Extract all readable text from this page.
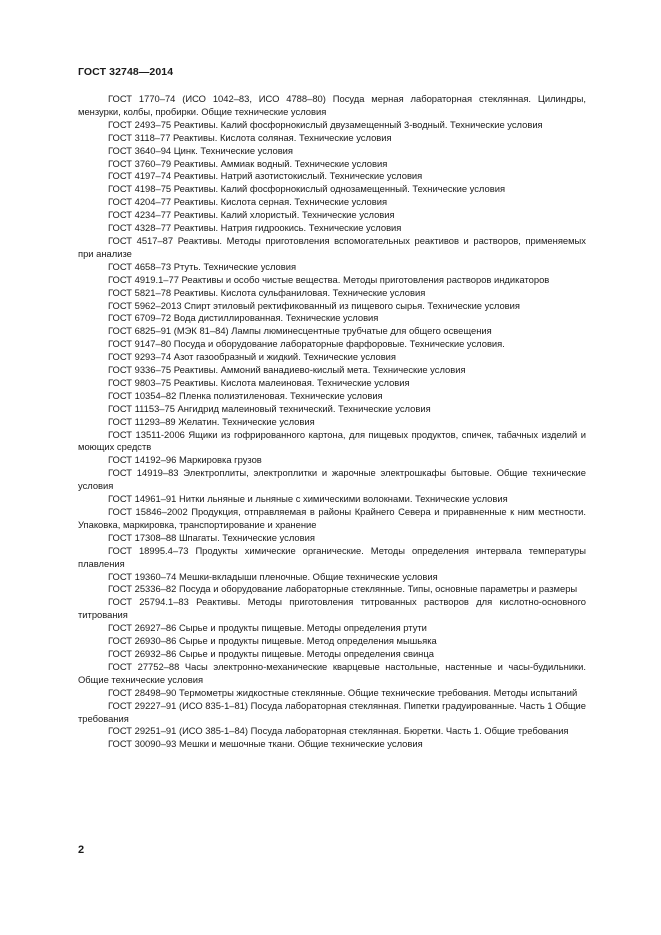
ГОСТ 32748—2014

ГОСТ 1770–74 (ИСО 1042–83, ИСО 4788–80) Посуда мерная лабораторная стеклянная. Цилиндры, мензурки, колбы, пробирки. Общие технические условия

ГОСТ 2493–75 Реактивы. Калий фосфорнокислый двузамещенный 3-водный. Технические условия

ГОСТ 3118–77 Реактивы. Кислота соляная. Технические условия

ГОСТ 3640–94 Цинк. Технические условия

ГОСТ 3760–79 Реактивы. Аммиак водный. Технические условия

ГОСТ 4197–74 Реактивы. Натрий азотистокислый. Технические условия

ГОСТ 4198–75 Реактивы. Калий фосфорнокислый однозамещенный. Технические условия

ГОСТ 4204–77 Реактивы. Кислота серная. Технические условия

ГОСТ 4234–77 Реактивы. Калий хлористый. Технические условия

ГОСТ 4328–77 Реактивы. Натрия гидроокись. Технические условия

ГОСТ 4517–87 Реактивы. Методы приготовления вспомогательных реактивов и растворов, применяемых при анализе

ГОСТ 4658–73 Ртуть. Технические условия

ГОСТ 4919.1–77 Реактивы и особо чистые вещества. Методы приготовления растворов индикаторов

ГОСТ 5821–78 Реактивы. Кислота сульфаниловая. Технические условия

ГОСТ 5962–2013 Спирт этиловый ректификованный из пищевого сырья. Технические условия

ГОСТ 6709–72 Вода дистиллированная. Технические условия

ГОСТ 6825–91 (МЭК 81–84) Лампы люминесцентные трубчатые для общего освещения

ГОСТ 9147–80 Посуда и оборудование лабораторные фарфоровые. Технические условия.

ГОСТ 9293–74 Азот газообразный и жидкий. Технические условия

ГОСТ 9336–75 Реактивы. Аммоний ванадиево-кислый мета. Технические условия

ГОСТ 9803–75 Реактивы. Кислота малеиновая. Технические условия

ГОСТ 10354–82 Пленка полиэтиленовая. Технические условия

ГОСТ 11153–75 Ангидрид малеиновый технический. Технические условия

ГОСТ 11293–89 Желатин. Технические условия

ГОСТ 13511-2006 Ящики из гофрированного картона, для пищевых продуктов, спичек, табачных изделий и моющих средств

ГОСТ 14192–96 Маркировка грузов

ГОСТ 14919–83 Электроплиты, электроплитки и жарочные электрошкафы бытовые. Общие технические условия

ГОСТ 14961–91 Нитки льняные и льняные с химическими волокнами. Технические условия

ГОСТ 15846–2002 Продукция, отправляемая в районы Крайнего Севера и приравненные к ним местности. Упаковка, маркировка, транспортирование и хранение

ГОСТ 17308–88 Шпагаты. Технические условия

ГОСТ 18995.4–73 Продукты химические органические. Методы определения интервала температуры плавления

ГОСТ 19360–74 Мешки-вкладыши пленочные. Общие технические условия

ГОСТ 25336–82 Посуда и оборудование лабораторные стеклянные. Типы, основные параметры и размеры

ГОСТ 25794.1–83 Реактивы. Методы приготовления титрованных растворов для кислотно-основного титрования

ГОСТ 26927–86 Сырье и продукты пищевые. Методы определения ртути

ГОСТ 26930–86 Сырье и продукты пищевые. Метод определения мышьяка

ГОСТ 26932–86 Сырье и продукты пищевые. Методы определения свинца

ГОСТ 27752–88 Часы электронно-механические кварцевые настольные, настенные и часы-будильники. Общие технические условия

ГОСТ 28498–90 Термометры жидкостные стеклянные. Общие технические требования. Методы испытаний

ГОСТ 29227–91 (ИСО 835-1–81) Посуда лабораторная стеклянная. Пипетки градуированные. Часть 1 Общие требования

ГОСТ 29251–91 (ИСО 385-1–84) Посуда лабораторная стеклянная. Бюретки. Часть 1. Общие требования

ГОСТ 30090–93 Мешки и мешочные ткани. Общие технические условия

2
